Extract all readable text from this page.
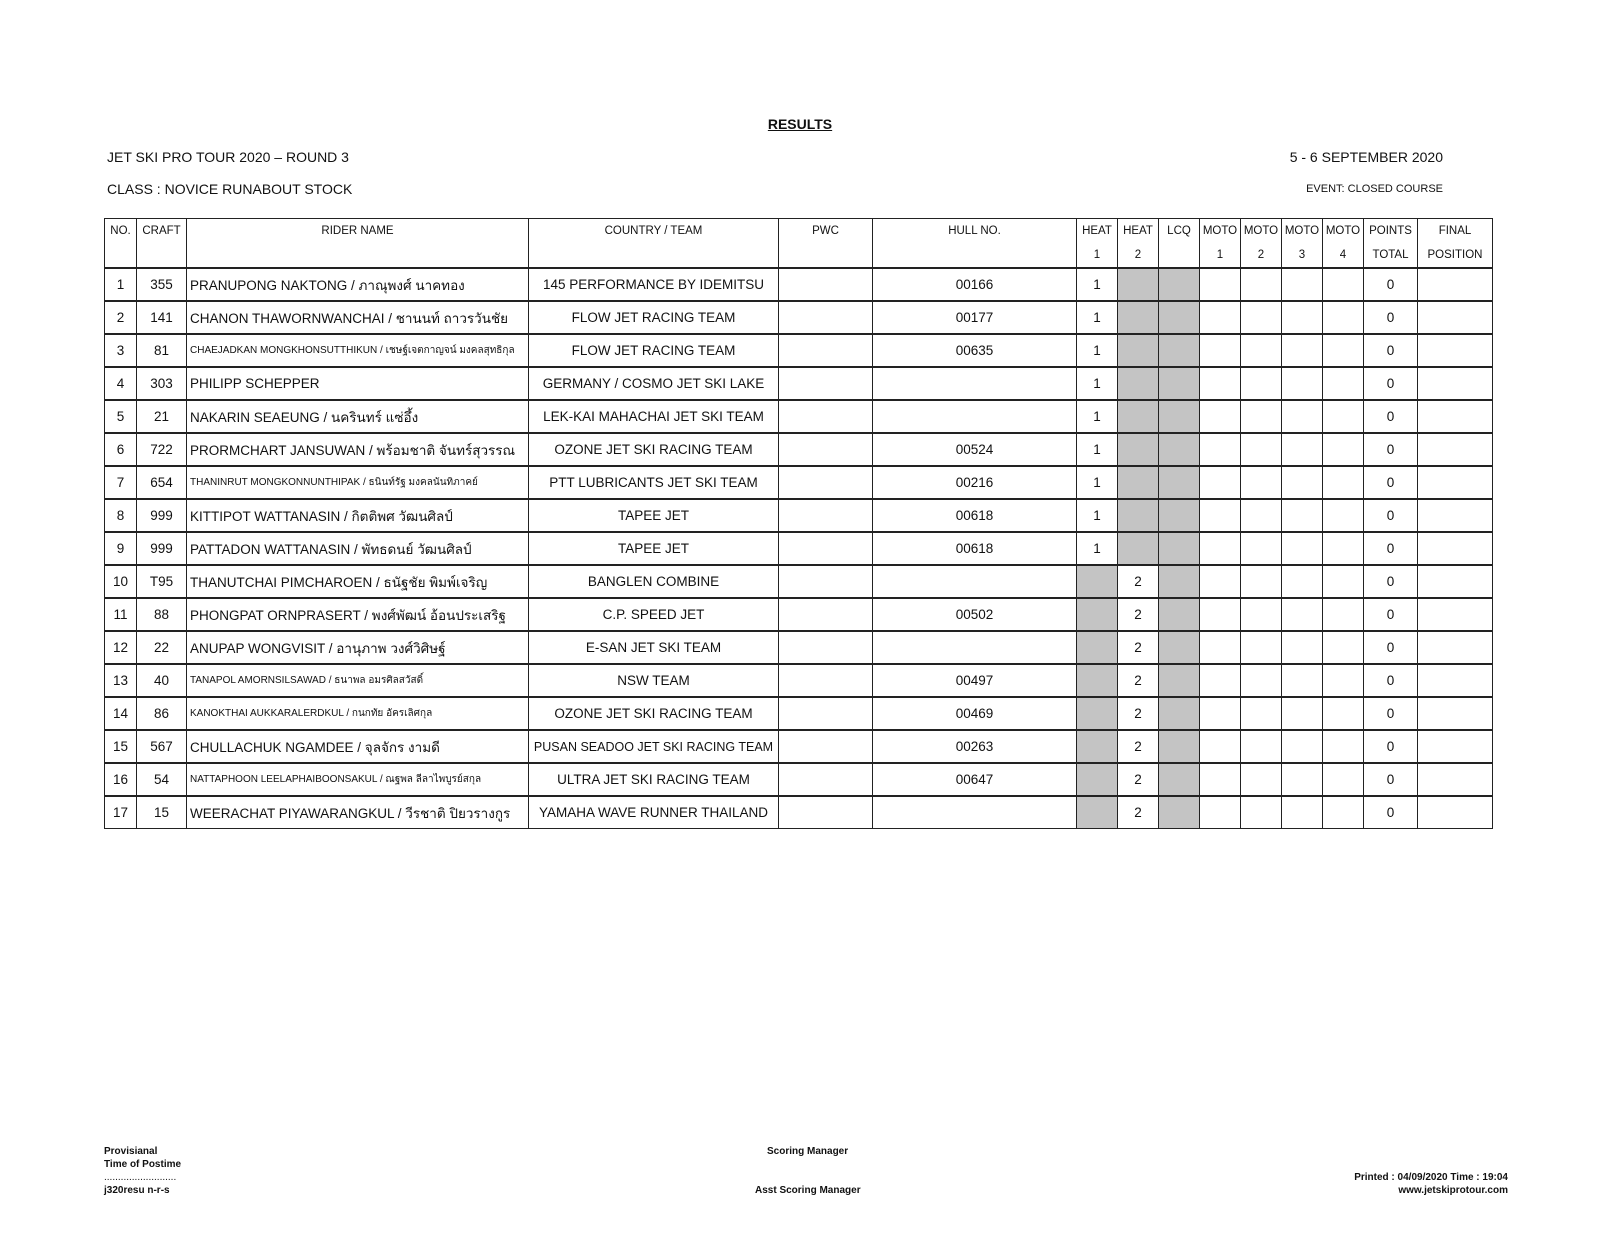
RESULTS
JET SKI PRO TOUR 2020 – ROUND 3	5 - 6 SEPTEMBER 2020
CLASS : NOVICE RUNABOUT STOCK	EVENT: CLOSED COURSE
NO.	CRAFT	RIDER NAME	COUNTRY / TEAM	PWC	HULL NO.	HEAT	HEAT	LCQ	MOTO	MOTO	MOTO	MOTO	POINTS	FINAL
						1	2		1	2	3	4	TOTAL	POSITION
1	355	PRANUPONG NAKTONG / ภาณุพงศ์ นาคทอง	145 PERFORMANCE BY IDEMITSU		00166	1							0	
2	141	CHANON THAWORNWANCHAI / ชานนท์ ถาวรวันชัย	FLOW JET RACING TEAM		00177	1							0	
3	81	CHAEJADKAN MONGKHONSUTTHIKUN / เชษฐ์เจตกาญจน์ มงคลสุทธิกุล	FLOW JET RACING TEAM		00635	1							0	
4	303	PHILIPP SCHEPPER	GERMANY / COSMO JET SKI LAKE			1							0	
5	21	NAKARIN SEAEUNG / นครินทร์ แซ่อึ้ง	LEK-KAI MAHACHAI JET SKI TEAM			1							0	
6	722	PRORMCHART JANSUWAN / พร้อมชาติ จันทร์สุวรรณ	OZONE JET SKI RACING TEAM		00524	1							0	
7	654	THANINRUT MONGKONNUNTHIPAK / ธนินท์รัฐ มงคลนันทิภาคย์	PTT LUBRICANTS JET SKI TEAM		00216	1							0	
8	999	KITTIPOT WATTANASIN / กิตติพศ วัฒนศิลป์	TAPEE JET		00618	1							0	
9	999	PATTADON WATTANASIN / พัทธดนย์ วัฒนศิลป์	TAPEE JET		00618	1							0	
10	T95	THANUTCHAI PIMCHAROEN / ธนัฐชัย พิมพ์เจริญ	BANGLEN COMBINE				2						0	
11	88	PHONGPAT ORNPRASERT / พงศ์พัฒน์ อ้อนประเสริฐ	C.P. SPEED JET		00502		2						0	
12	22	ANUPAP WONGVISIT / อานุภาพ วงศ์วิศิษฐ์	E-SAN JET SKI TEAM				2						0	
13	40	TANAPOL AMORNSILSAWAD / ธนาพล อมรศิลสวัสดิ์	NSW TEAM		00497		2						0	
14	86	KANOKTHAI AUKKARALERDKUL / กนกทัย อัครเลิศกุล	OZONE JET SKI RACING TEAM		00469		2						0	
15	567	CHULLACHUK NGAMDEE / จุลจักร งามดี	PUSAN SEADOO JET SKI RACING TEAM		00263		2						0	
16	54	NATTAPHOON LEELAPHAIBOONSAKUL / ณฐพล ลีลาไพบูรย์สกุล	ULTRA JET SKI RACING TEAM		00647		2						0	
17	15	WEERACHAT PIYAWARANGKUL / วีรชาติ ปิยวรางกูร	YAMAHA WAVE RUNNER THAILAND				2						0	
Provisianal
Time of Postime
..........................
j320resu n-r-s
Scoring Manager
Asst Scoring Manager
Printed : 04/09/2020 Time : 19:04
www.jetskiprotour.com
